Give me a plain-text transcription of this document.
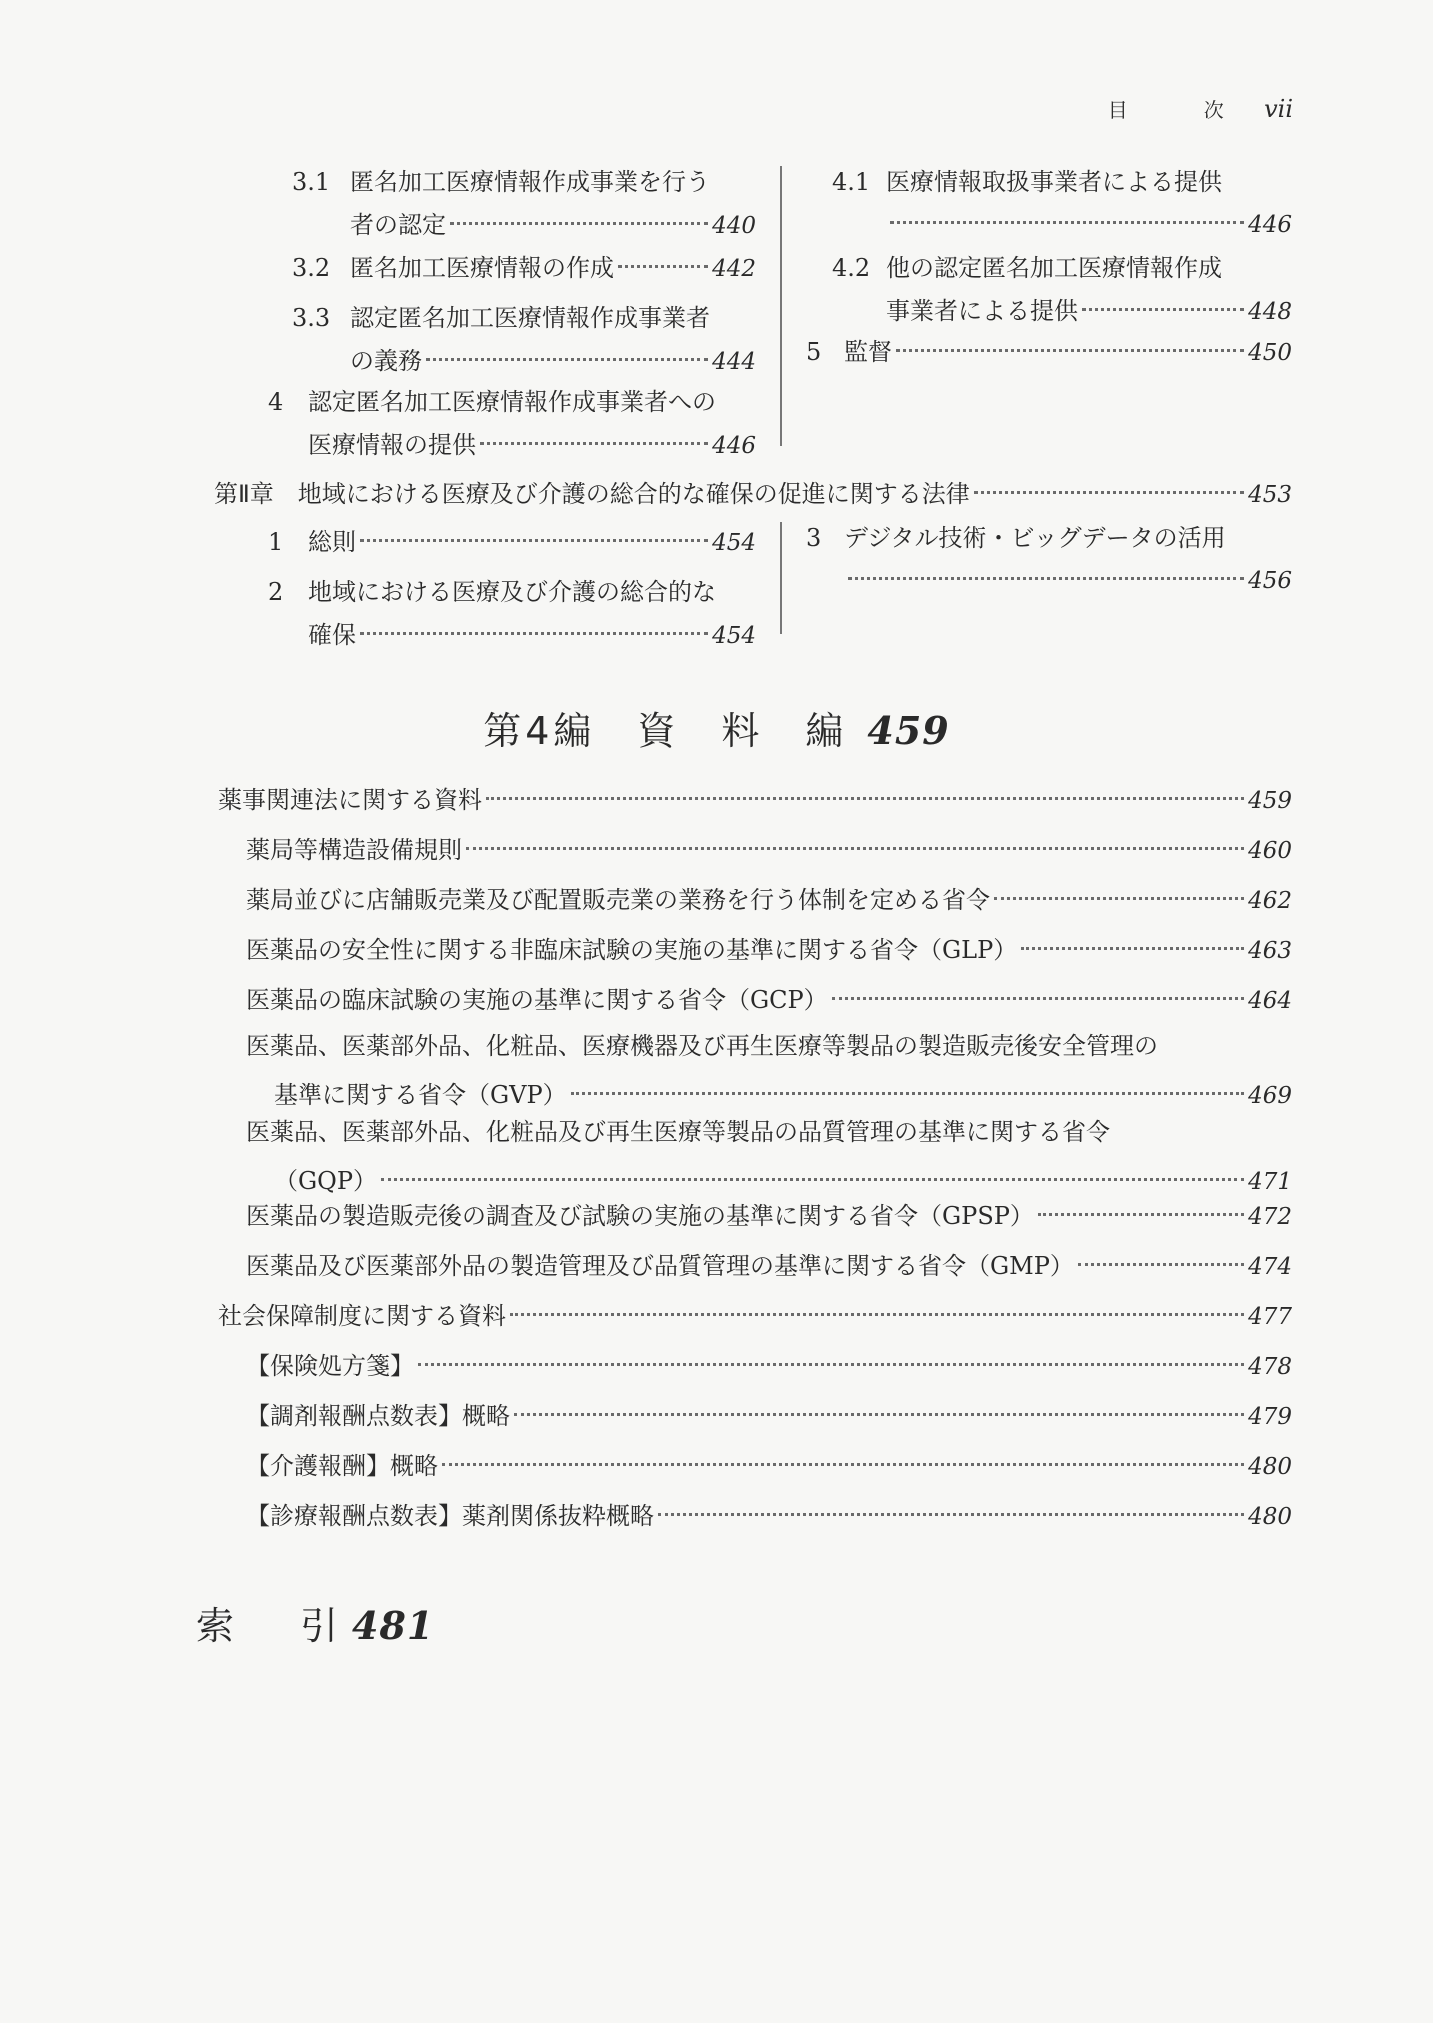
目　次 vii
3.1 匿名加工医療情報作成事業を行う
者の認定	440
3.2 匿名加工医療情報の作成	442
3.3 認定匿名加工医療情報作成事業者
の義務	444
4 認定匿名加工医療情報作成事業者への
医療情報の提供	446
4.1 医療情報取扱事業者による提供
446
4.2 他の認定匿名加工医療情報作成
事業者による提供	448
5 監督	450
第Ⅱ章　地域における医療及び介護の総合的な確保の促進に関する法律	453
1 総則	454
2 地域における医療及び介護の総合的な
確保	454
3 デジタル技術・ビッグデータの活用
456
第4編　資　料　編 459
薬事関連法に関する資料	459
薬局等構造設備規則	460
薬局並びに店舗販売業及び配置販売業の業務を行う体制を定める省令	462
医薬品の安全性に関する非臨床試験の実施の基準に関する省令（GLP）	463
医薬品の臨床試験の実施の基準に関する省令（GCP）	464
医薬品、医薬部外品、化粧品、医療機器及び再生医療等製品の製造販売後安全管理の
基準に関する省令（GVP）	469
医薬品、医薬部外品、化粧品及び再生医療等製品の品質管理の基準に関する省令
（GQP）	471
医薬品の製造販売後の調査及び試験の実施の基準に関する省令（GPSP）	472
医薬品及び医薬部外品の製造管理及び品質管理の基準に関する省令（GMP）	474
社会保障制度に関する資料	477
【保険処方箋】	478
【調剤報酬点数表】概略	479
【介護報酬】概略	480
【診療報酬点数表】薬剤関係抜粋概略	480
索　引481
